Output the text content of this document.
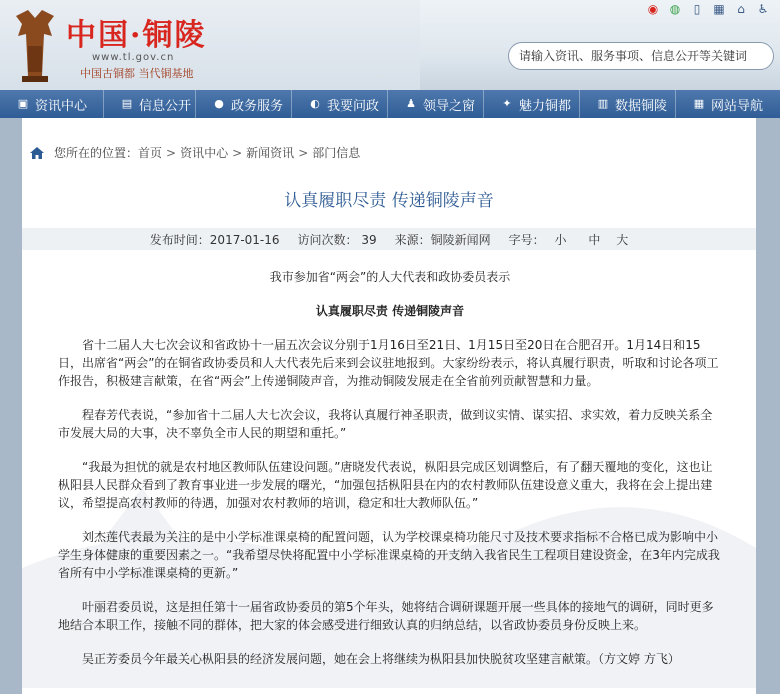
中国·铜陵
www.tl.gov.cn
中国古铜都 当代铜基地
◉ ◍	▯	▦	⌂	♿
请输入资讯、服务事项、信息公开等关键词
▣ 资讯中心	▤ 信息公开 ● 政务服务 ◐ 我要问政 ♟ 领导之窗 ✦ 魅力铜都 ▥ 数据铜陵 ▦ 网站导航
您所在的位置： 首页 > 资讯中心 > 新闻资讯 > 部门信息
认真履职尽责 传递铜陵声音
发布时间：2017-01-16 访问次数： 39 来源：铜陵新闻网 字号： 小 中 大

我市参加省“两会”的人大代表和政协委员表示

认真履职尽责 传递铜陵声音

省十二届人大七次会议和省政协十一届五次会议分别于1月16日至21日、1月15日至20日在合肥召开。1月14日和15日，出席省“两会”的在铜省政协委员和人大代表先后来到会议驻地报到。大家纷纷表示，将认真履行职责，听取和讨论各项工作报告，积极建言献策，在省“两会”上传递铜陵声音，为推动铜陵发展走在全省前列贡献智慧和力量。

程春芳代表说，“参加省十二届人大七次会议，我将认真履行神圣职责，做到议实情、谋实招、求实效，着力反映关系全市发展大局的大事，决不辜负全市人民的期望和重托。”

“我最为担忧的就是农村地区教师队伍建设问题。”唐晓发代表说，枞阳县完成区划调整后，有了翻天覆地的变化，这也让枞阳县人民群众看到了教育事业进一步发展的曙光，“加强包括枞阳县在内的农村教师队伍建设意义重大，我将在会上提出建议，希望提高农村教师的待遇，加强对农村教师的培训，稳定和壮大教师队伍。”

刘杰莲代表最为关注的是中小学标准课桌椅的配置问题，认为学校课桌椅功能尺寸及技术要求指标不合格已成为影响中小学生身体健康的重要因素之一。“我希望尽快将配置中小学标准课桌椅的开支纳入我省民生工程项目建设资金，在3年内完成我省所有中小学标准课桌椅的更新。”

叶丽君委员说，这是担任第十一届省政协委员的第5个年头，她将结合调研课题开展一些具体的接地气的调研，同时更多地结合本职工作，接触不同的群体，把大家的体会感受进行细致认真的归纳总结，以省政协委员身份反映上来。

吴正芳委员今年最关心枞阳县的经济发展问题，她在会上将继续为枞阳县加快脱贫攻坚建言献策。（方文婷 方飞）
